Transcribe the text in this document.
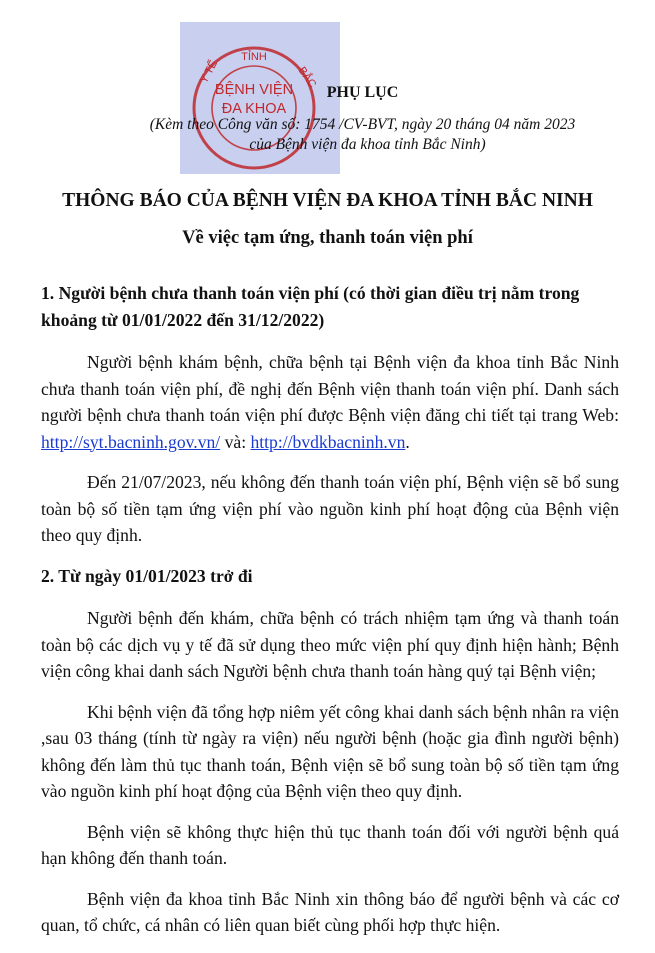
TỈNH
Y TẾ	BẮC
BỆNH VIỆN
ĐA KHOA
PHỤ LỤC
(Kèm theo Công văn số: 1754 /CV-BVT, ngày 20 tháng 04 năm 2023
của Bệnh viện đa khoa tỉnh Bắc Ninh)
THÔNG BÁO CỦA BỆNH VIỆN ĐA KHOA TỈNH BẮC NINH
Về việc tạm ứng, thanh toán viện phí

1. Người bệnh chưa thanh toán viện phí (có thời gian điều trị nằm trong khoảng từ 01/01/2022 đến 31/12/2022)

Người bệnh khám bệnh, chữa bệnh tại Bệnh viện đa khoa tỉnh Bắc Ninh chưa thanh toán viện phí, đề nghị đến Bệnh viện thanh toán viện phí. Danh sách người bệnh chưa thanh toán viện phí được Bệnh viện đăng chi tiết tại trang Web: http://syt.bacninh.gov.vn/ và: http://bvdkbacninh.vn.

Đến 21/07/2023, nếu không đến thanh toán viện phí, Bệnh viện sẽ bổ sung toàn bộ số tiền tạm ứng viện phí vào nguồn kinh phí hoạt động của Bệnh viện theo quy định.

2. Từ ngày 01/01/2023 trở đi

Người bệnh đến khám, chữa bệnh có trách nhiệm tạm ứng và thanh toán toàn bộ các dịch vụ y tế đã sử dụng theo mức viện phí quy định hiện hành; Bệnh viện công khai danh sách Người bệnh chưa thanh toán hàng quý tại Bệnh viện;

Khi bệnh viện đã tổng hợp niêm yết công khai danh sách bệnh nhân ra viện ,sau 03 tháng (tính từ ngày ra viện) nếu người bệnh (hoặc gia đình người bệnh) không đến làm thủ tục thanh toán, Bệnh viện sẽ bổ sung toàn bộ số tiền tạm ứng vào nguồn kinh phí hoạt động của Bệnh viện theo quy định.

Bệnh viện sẽ không thực hiện thủ tục thanh toán đối với người bệnh quá hạn không đến thanh toán.

Bệnh viện đa khoa tỉnh Bắc Ninh xin thông báo để người bệnh và các cơ quan, tổ chức, cá nhân có liên quan biết cùng phối hợp thực hiện.
